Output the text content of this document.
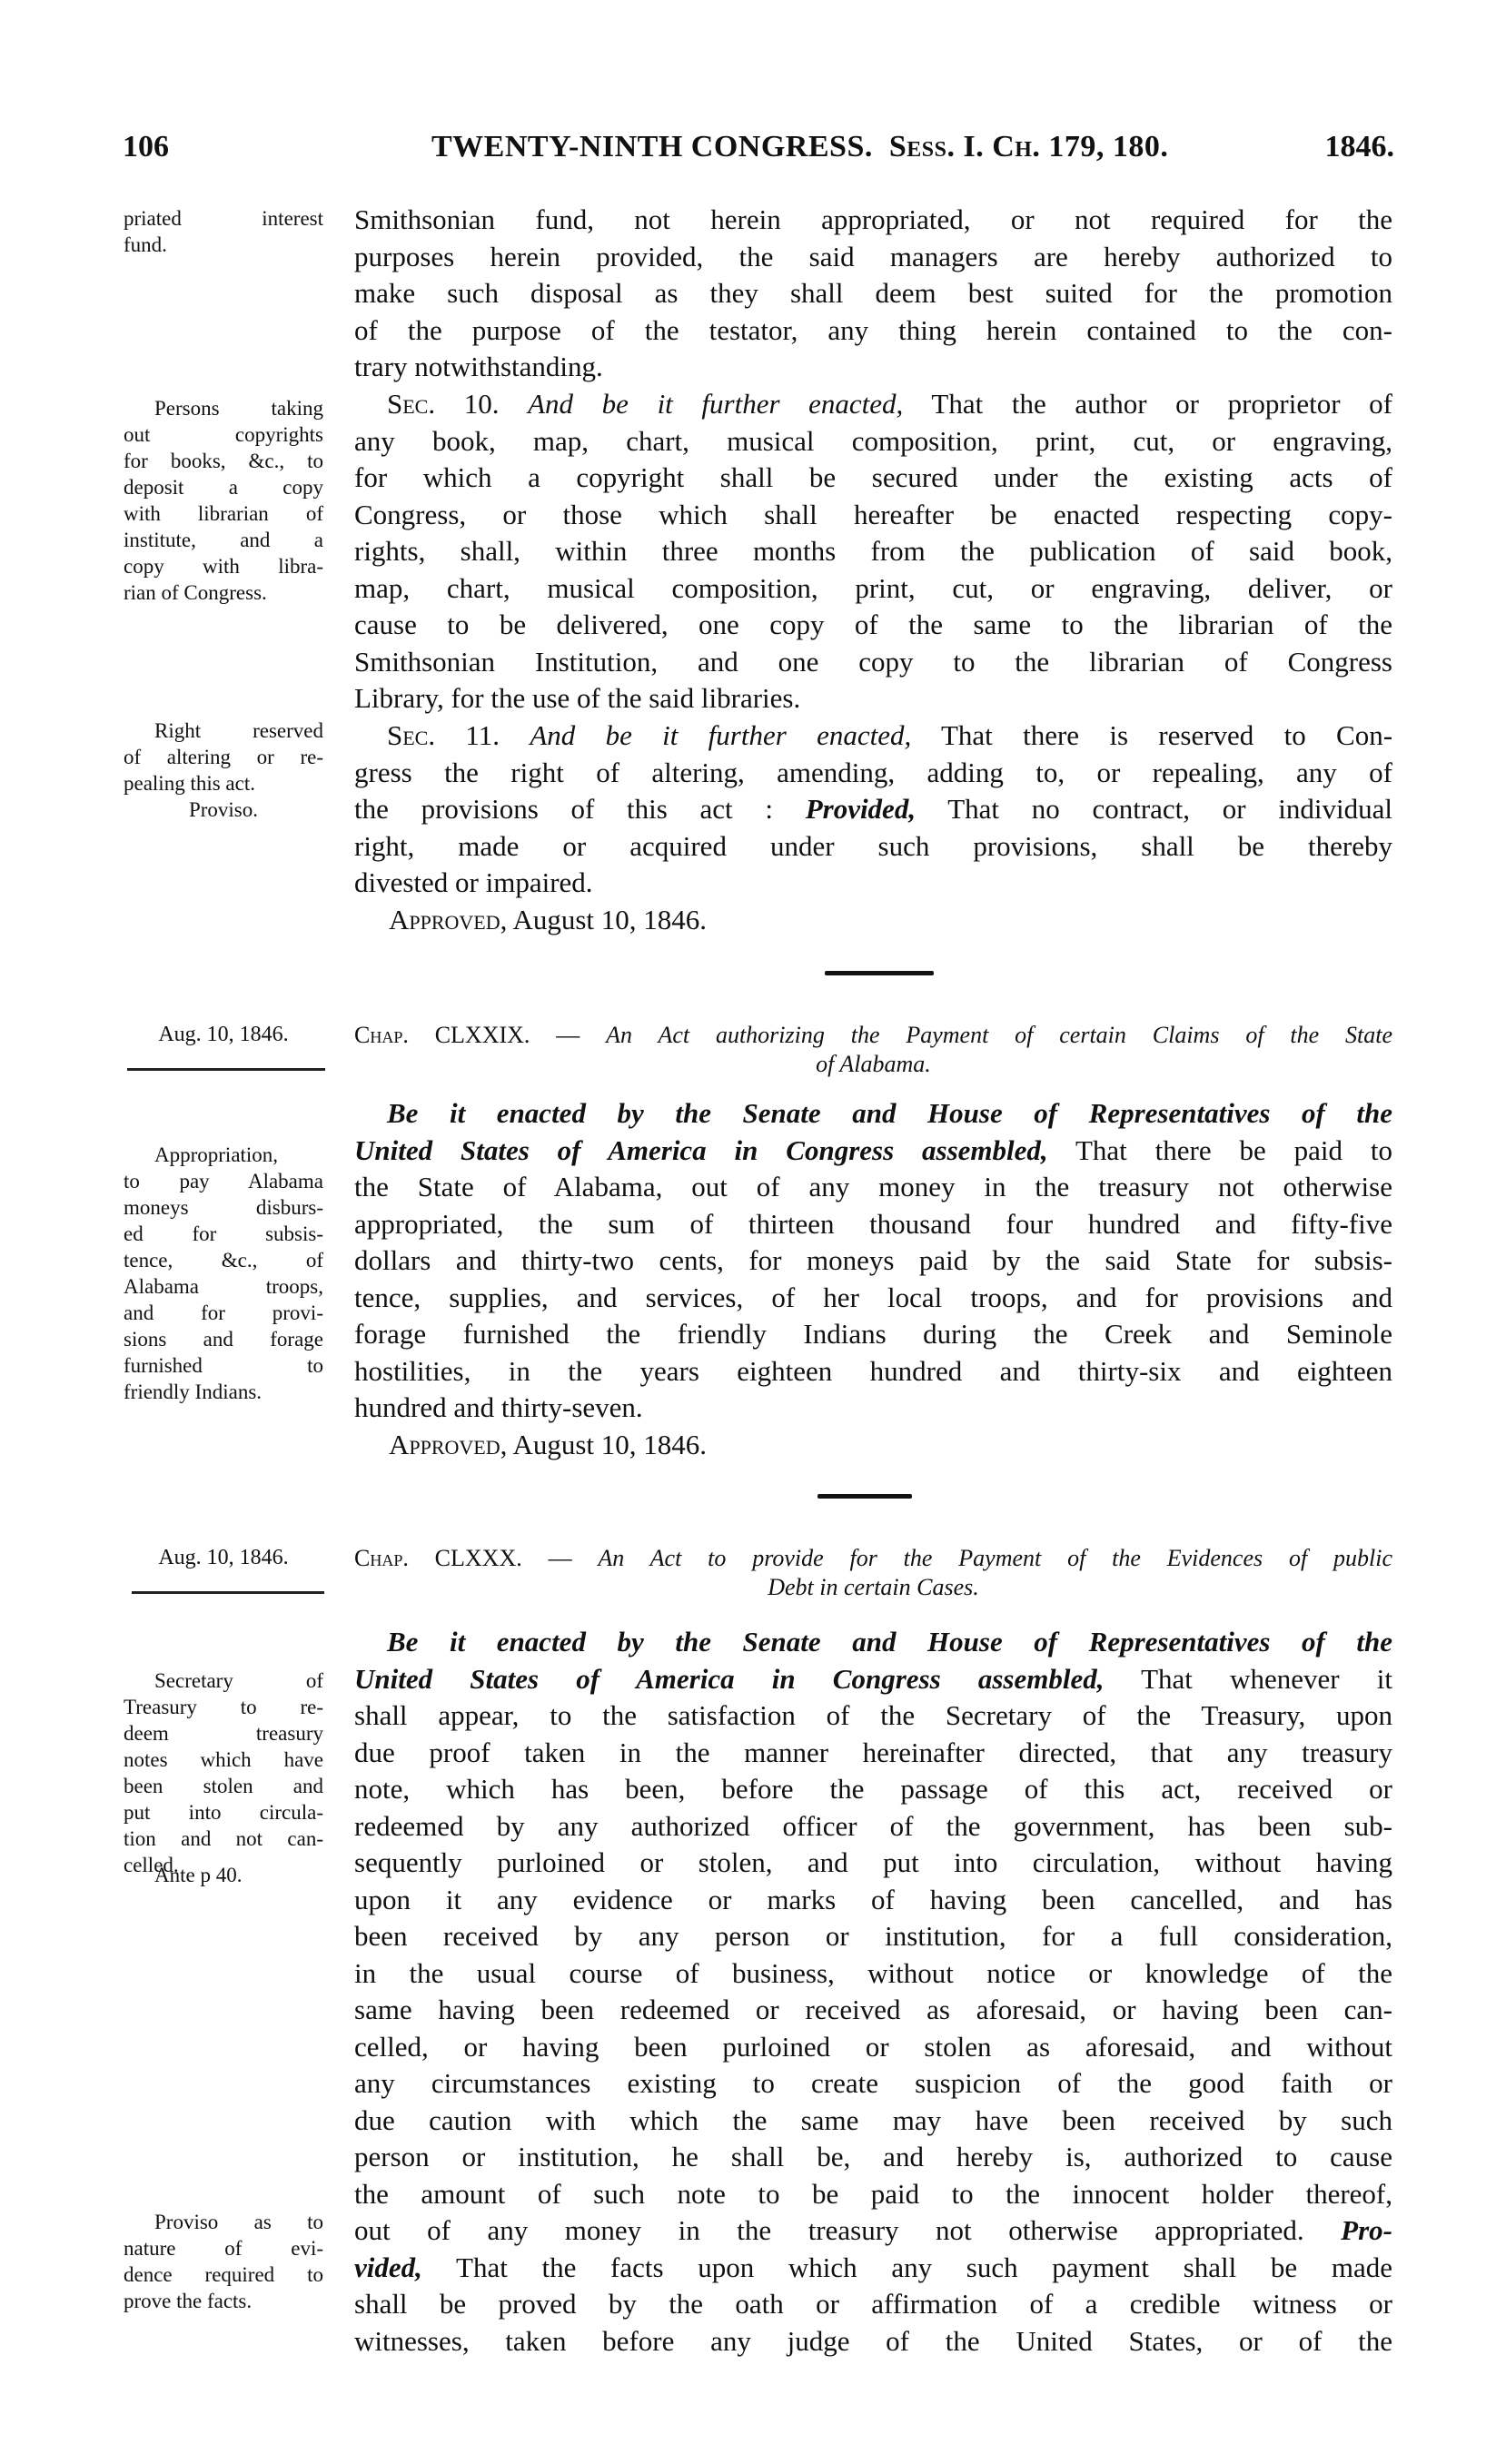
106	TWENTY-NINTH CONGRESS. Sess. I. Ch. 179, 180.	1846.
priated interest
fund.
Smithsonian fund, not herein appropriated, or not required for the
purposes herein provided, the said managers are hereby authorized to
make such disposal as they shall deem best suited for the promotion
of the purpose of the testator, any thing herein contained to the con-
trary notwithstanding.
Persons taking
out copyrights
for books, &c., to
deposit a copy
with librarian of
institute, and a
copy with libra-
rian of Congress.
Sec. 10. And be it further enacted, That the author or proprietor of
any book, map, chart, musical composition, print, cut, or engraving,
for which a copyright shall be secured under the existing acts of
Congress, or those which shall hereafter be enacted respecting copy-
rights, shall, within three months from the publication of said book,
map, chart, musical composition, print, cut, or engraving, deliver, or
cause to be delivered, one copy of the same to the librarian of the
Smithsonian Institution, and one copy to the librarian of Congress
Library, for the use of the said libraries.
Right reserved
of altering or re-
pealing this act.
Proviso.
Sec. 11. And be it further enacted, That there is reserved to Con-
gress the right of altering, amending, adding to, or repealing, any of
the provisions of this act : Provided, That no contract, or individual
right, made or acquired under such provisions, shall be thereby
divested or impaired.
Approved, August 10, 1846.
Aug. 10, 1846.	Chap. CLXXIX. — An Act authorizing the Payment of certain Claims of the State
of Alabama.
Appropriation,
to pay Alabama
moneys disburs-
ed for subsis-
tence, &c., of
Alabama troops,
and for provi-
sions and forage
furnished to
friendly Indians.
Be it enacted by the Senate and House of Representatives of the
United States of America in Congress assembled, That there be paid to
the State of Alabama, out of any money in the treasury not otherwise
appropriated, the sum of thirteen thousand four hundred and fifty-five
dollars and thirty-two cents, for moneys paid by the said State for subsis-
tence, supplies, and services, of her local troops, and for provisions and
forage furnished the friendly Indians during the Creek and Seminole
hostilities, in the years eighteen hundred and thirty-six and eighteen
hundred and thirty-seven.
Approved, August 10, 1846.
Aug. 10, 1846.	Chap. CLXXX. — An Act to provide for the Payment of the Evidences of public
Debt in certain Cases.
Secretary of
Treasury to re-
deem treasury
notes which have
been stolen and
put into circula-
tion and not can-
celled.
Ante p 40.
Proviso as to
nature of evi-
dence required to
prove the facts.
Be it enacted by the Senate and House of Representatives of the
United States of America in Congress assembled, That whenever it
shall appear, to the satisfaction of the Secretary of the Treasury, upon
due proof taken in the manner hereinafter directed, that any treasury
note, which has been, before the passage of this act, received or
redeemed by any authorized officer of the government, has been sub-
sequently purloined or stolen, and put into circulation, without having
upon it any evidence or marks of having been cancelled, and has
been received by any person or institution, for a full consideration,
in the usual course of business, without notice or knowledge of the
same having been redeemed or received as aforesaid, or having been can-
celled, or having been purloined or stolen as aforesaid, and without
any circumstances existing to create suspicion of the good faith or
due caution with which the same may have been received by such
person or institution, he shall be, and hereby is, authorized to cause
the amount of such note to be paid to the innocent holder thereof,
out of any money in the treasury not otherwise appropriated. Pro-
vided, That the facts upon which any such payment shall be made
shall be proved by the oath or affirmation of a credible witness or
witnesses, taken before any judge of the United States, or of the
